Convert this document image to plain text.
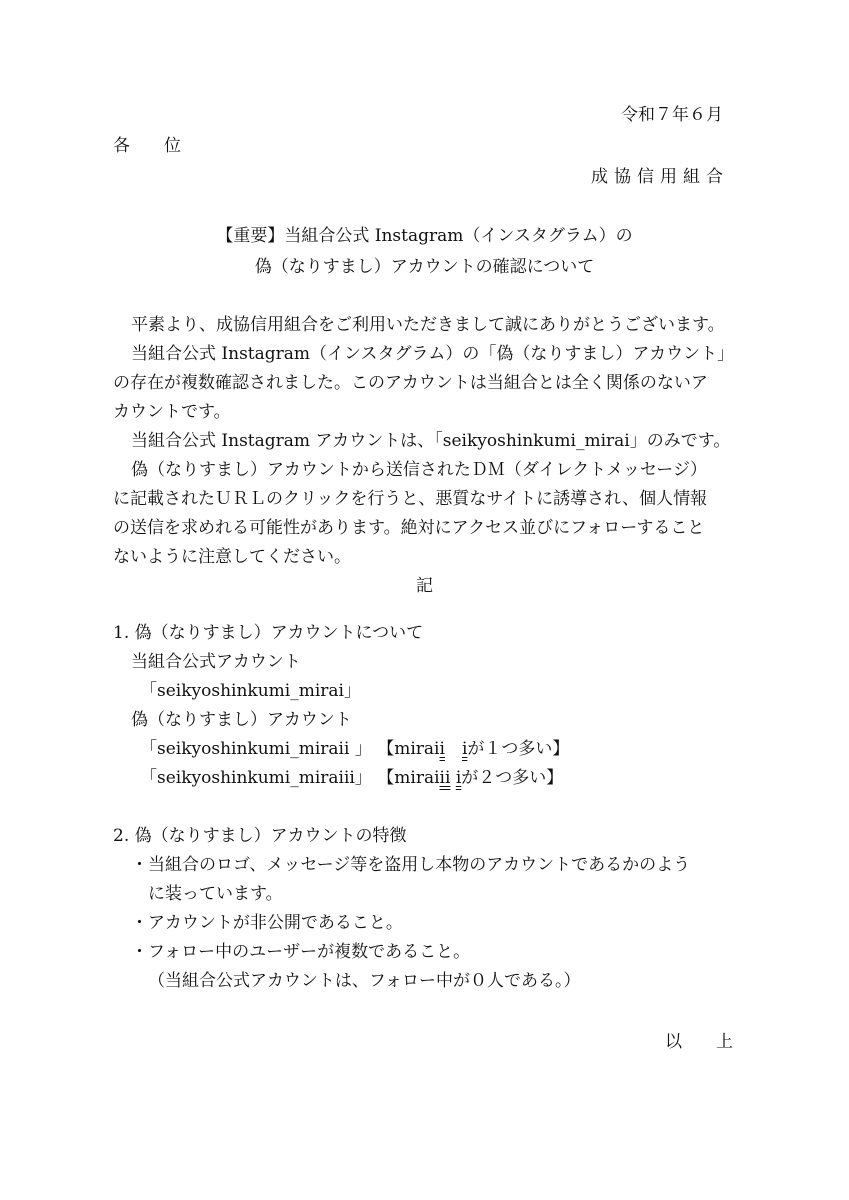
令和７年６月
各　　位
成協信用組合
【重要】当組合公式 Instagram（インスタグラム）の
偽（なりすまし）アカウントの確認について
平素より、成協信用組合をご利用いただきまして誠にありがとうございます。
当組合公式 Instagram（インスタグラム）の「偽（なりすまし）アカウント」
の存在が複数確認されました。このアカウントは当組合とは全く関係のないア
カウントです。
当組合公式 Instagram アカウントは、「seikyoshinkumi_mirai」のみです。
偽（なりすまし）アカウントから送信されたＤＭ（ダイレクトメッセージ）
に記載されたＵＲＬのクリックを行うと、悪質なサイトに誘導され、個人情報
の送信を求めれる可能性があります。絶対にアクセス並びにフォローすること
ないように注意してください。
記
1. 偽（なりすまし）アカウントについて
当組合公式アカウント
「seikyoshinkumi_mirai」
偽（なりすまし）アカウント
「seikyoshinkumi_miraii 」 【miraii　 iが１つ多い】
「seikyoshinkumi_miraiii」 【miraiii iが２つ多い】
2. 偽（なりすまし）アカウントの特徴
・当組合のロゴ、メッセージ等を盗用し本物のアカウントであるかのよう
に装っています。
・アカウントが非公開であること。
・フォロー中のユーザーが複数であること。
（当組合公式アカウントは、フォロー中が０人である。）
以　　上
